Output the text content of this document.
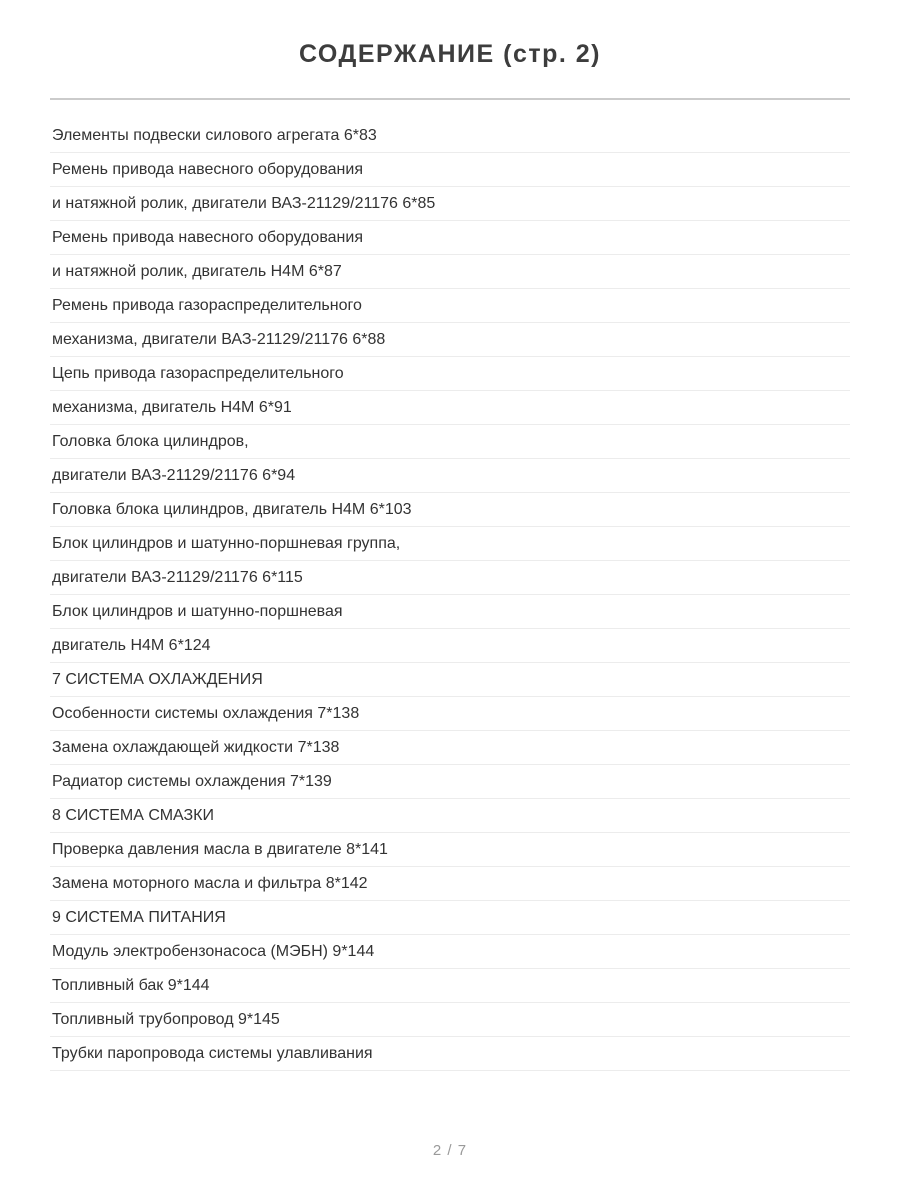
СОДЕРЖАНИЕ (стр. 2)
Элементы подвески силового агрегата 6*83
Ремень привода навесного оборудования
и натяжной ролик, двигатели ВАЗ-21129/21176 6*85
Ремень привода навесного оборудования
и натяжной ролик, двигатель Н4М 6*87
Ремень привода газораспределительного
механизма, двигатели ВАЗ-21129/21176 6*88
Цепь привода газораспределительного
механизма, двигатель Н4М 6*91
Головка блока цилиндров,
двигатели ВАЗ-21129/21176 6*94
Головка блока цилиндров, двигатель Н4М 6*103
Блок цилиндров и шатунно-поршневая группа,
двигатели ВАЗ-21129/21176 6*115
Блок цилиндров и шатунно-поршневая
двигатель Н4М 6*124
7 СИСТЕМА ОХЛАЖДЕНИЯ
Особенности системы охлаждения 7*138
Замена охлаждающей жидкости 7*138
Радиатор системы охлаждения 7*139
8 СИСТЕМА СМАЗКИ
Проверка давления масла в двигателе 8*141
Замена моторного масла и фильтра 8*142
9 СИСТЕМА ПИТАНИЯ
Модуль электробензонасоса (МЭБН) 9*144
Топливный бак 9*144
Топливный трубопровод 9*145
Трубки паропровода системы улавливания
2 / 7
